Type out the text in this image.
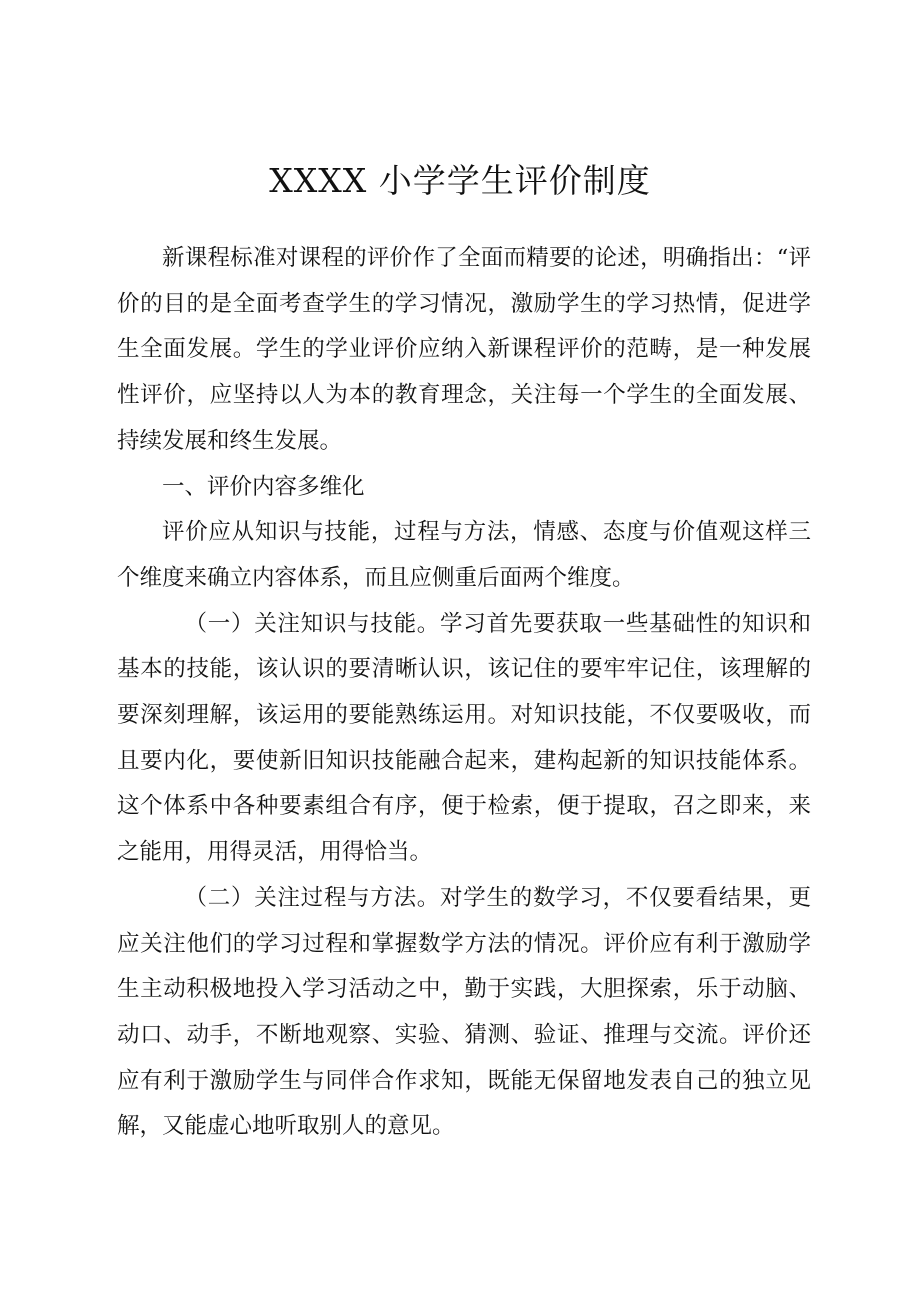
XXXX 小学学生评价制度

新课程标准对课程的评价作了全面而精要的论述，明确指出：“评价的目的是全面考查学生的学习情况，激励学生的学习热情，促进学生全面发展。学生的学业评价应纳入新课程评价的范畴，是一种发展性评价，应坚持以人为本的教育理念，关注每一个学生的全面发展、持续发展和终生发展。

一、评价内容多维化

评价应从知识与技能，过程与方法，情感、态度与价值观这样三个维度来确立内容体系，而且应侧重后面两个维度。

（一）关注知识与技能。学习首先要获取一些基础性的知识和基本的技能，该认识的要清晰认识，该记住的要牢牢记住，该理解的要深刻理解，该运用的要能熟练运用。对知识技能，不仅要吸收，而且要内化，要使新旧知识技能融合起来，建构起新的知识技能体系。这个体系中各种要素组合有序，便于检索，便于提取，召之即来，来之能用，用得灵活，用得恰当。

（二）关注过程与方法。对学生的数学习，不仅要看结果，更应关注他们的学习过程和掌握数学方法的情况。评价应有利于激励学生主动积极地投入学习活动之中，勤于实践，大胆探索，乐于动脑、动口、动手，不断地观察、实验、猜测、验证、推理与交流。评价还应有利于激励学生与同伴合作求知，既能无保留地发表自己的独立见解，又能虚心地听取别人的意见。
